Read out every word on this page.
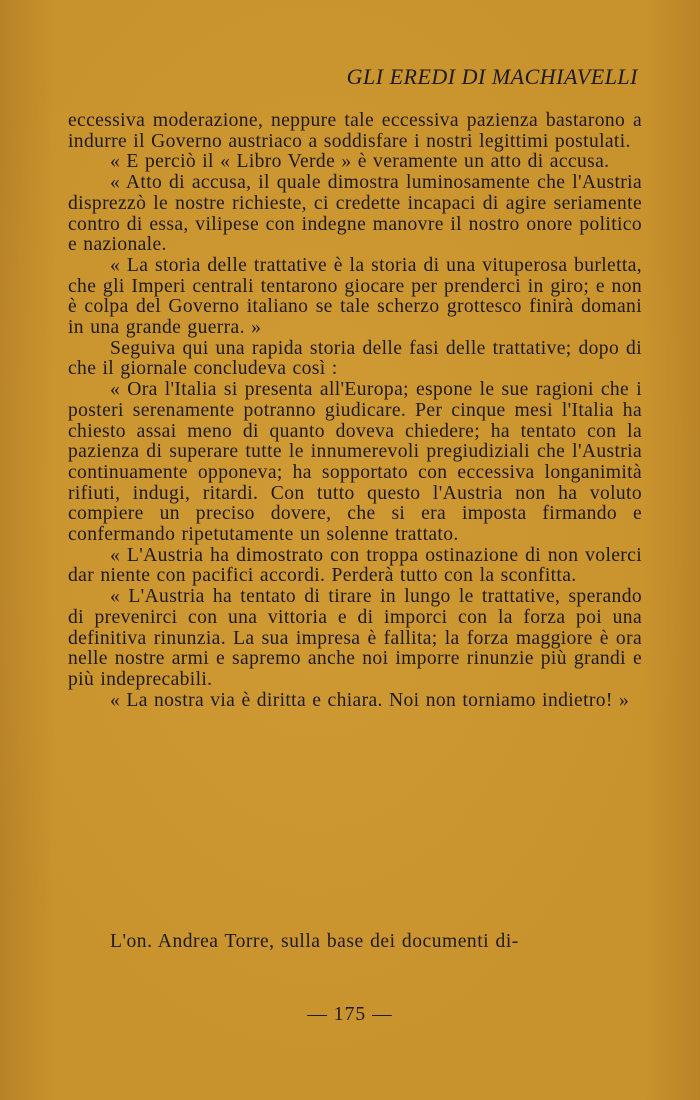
GLI EREDI DI MACHIAVELLI

eccessiva moderazione, neppure tale eccessiva pazienza bastarono a indurre il Governo austriaco a soddisfare i nostri legittimi postulati.

« E perciò il « Libro Verde » è veramente un atto di accusa.

« Atto di accusa, il quale dimostra luminosamente che l'Austria disprezzò le nostre richieste, ci credette incapaci di agire seriamente contro di essa, vilipese con indegne manovre il nostro onore politico e nazionale.

« La storia delle trattative è la storia di una vituperosa burletta, che gli Imperi centrali tentarono giocare per prenderci in giro; e non è colpa del Governo italiano se tale scherzo grottesco finirà domani in una grande guerra. »

Seguiva qui una rapida storia delle fasi delle trattative; dopo di che il giornale concludeva così :

« Ora l'Italia si presenta all'Europa; espone le sue ragioni che i posteri serenamente potranno giudicare. Per cinque mesi l'Italia ha chiesto assai meno di quanto doveva chiedere; ha tentato con la pazienza di superare tutte le innumerevoli pregiudiziali che l'Austria continuamente opponeva; ha sopportato con eccessiva longanimità rifiuti, indugi, ritardi. Con tutto questo l'Austria non ha voluto compiere un preciso dovere, che si era imposta firmando e confermando ripetutamente un solenne trattato.

« L'Austria ha dimostrato con troppa ostinazione di non volerci dar niente con pacifici accordi. Perderà tutto con la sconfitta.

« L'Austria ha tentato di tirare in lungo le trattative, sperando di prevenirci con una vittoria e di imporci con la forza poi una definitiva rinunzia. La sua impresa è fallita; la forza maggiore è ora nelle nostre armi e sapremo anche noi imporre rinunzie più grandi e più indeprecabili.

« La nostra via è diritta e chiara. Noi non torniamo indietro! »

L'on. Andrea Torre, sulla base dei documenti di-

— 175 —
